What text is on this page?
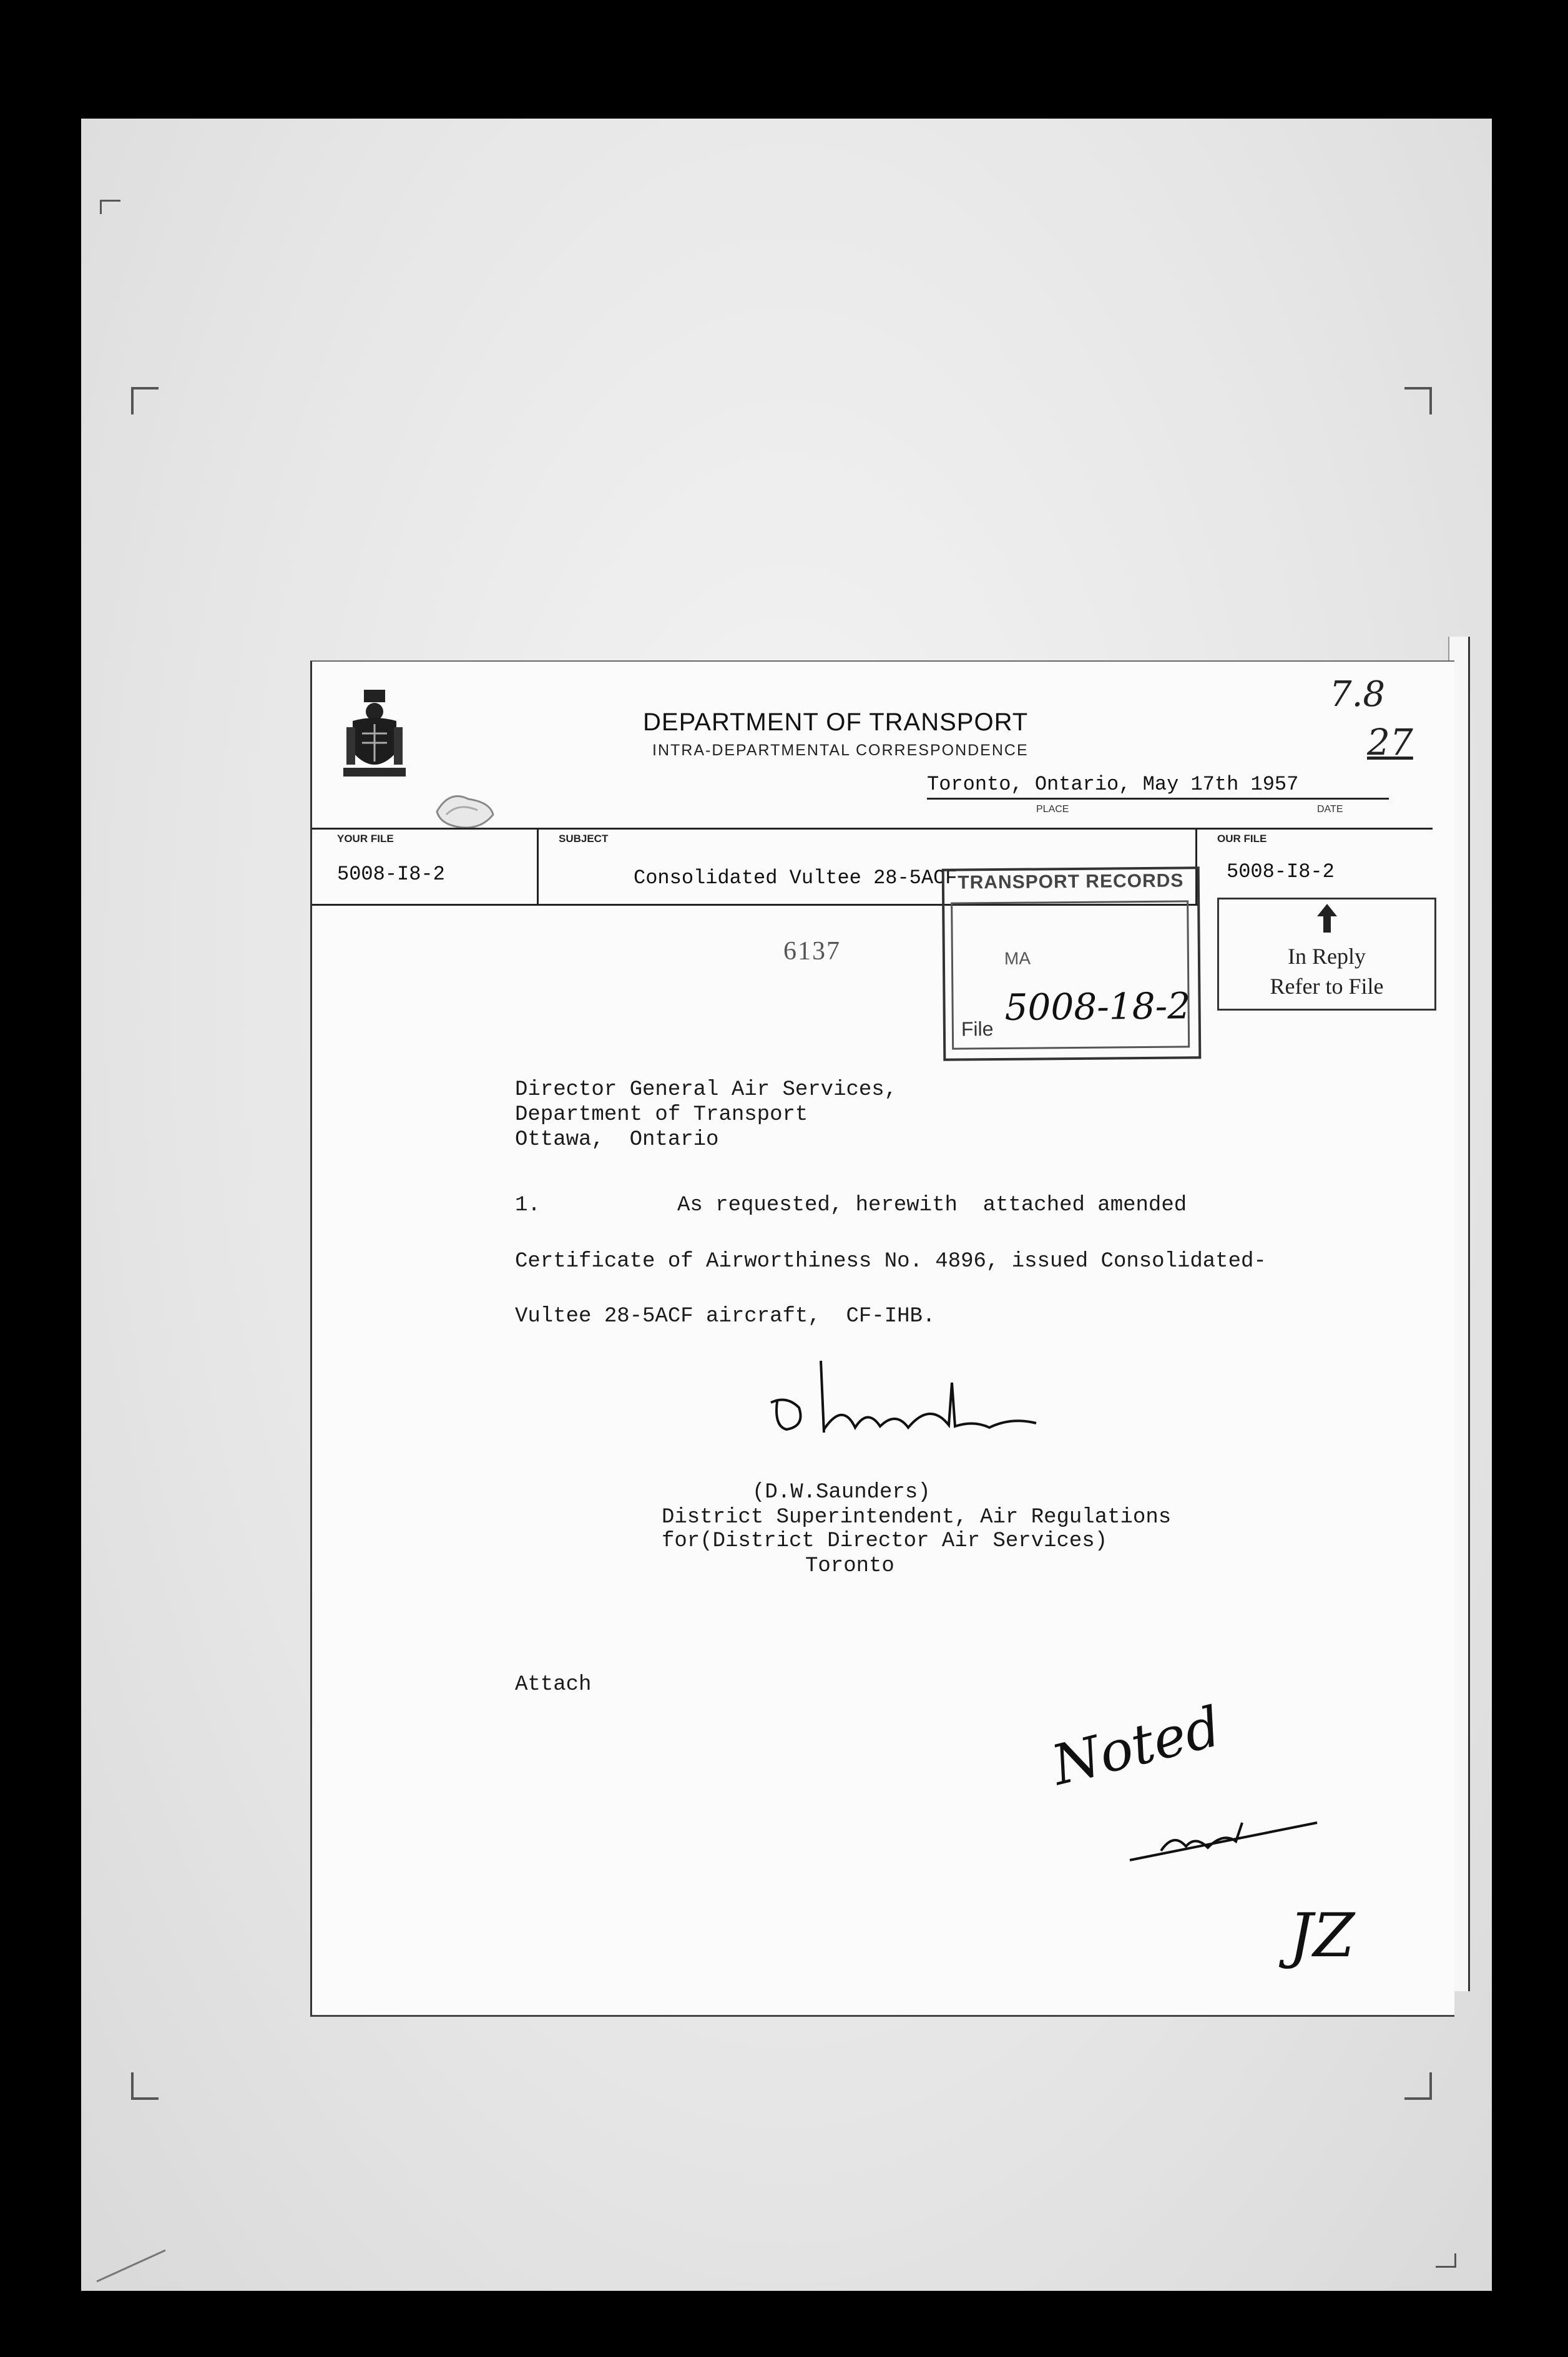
DEPARTMENT OF TRANSPORT
INTRA-DEPARTMENTAL CORRESPONDENCE
7.8
27
Toronto, Ontario, May 17th 1957
PLACE	DATE
YOUR FILE
5008-I8-2
SUBJECT
Consolidated Vultee 28-5ACF
OUR FILE
5008-I8-2
TRANSPORT RECORDS
MA
File
5008-18-2
In Reply
Refer to File
6137
Director General Air Services,
Department of Transport
Ottawa,  Ontario
1.	As requested, herewith  attached amended
Certificate of Airworthiness No. 4896, issued Consolidated-
Vultee 28-5ACF aircraft,  CF-IHB.
(D.W.Saunders)
District Superintendent, Air Regulations
for(District Director Air Services)
Toronto
Attach
Noted
JZ
